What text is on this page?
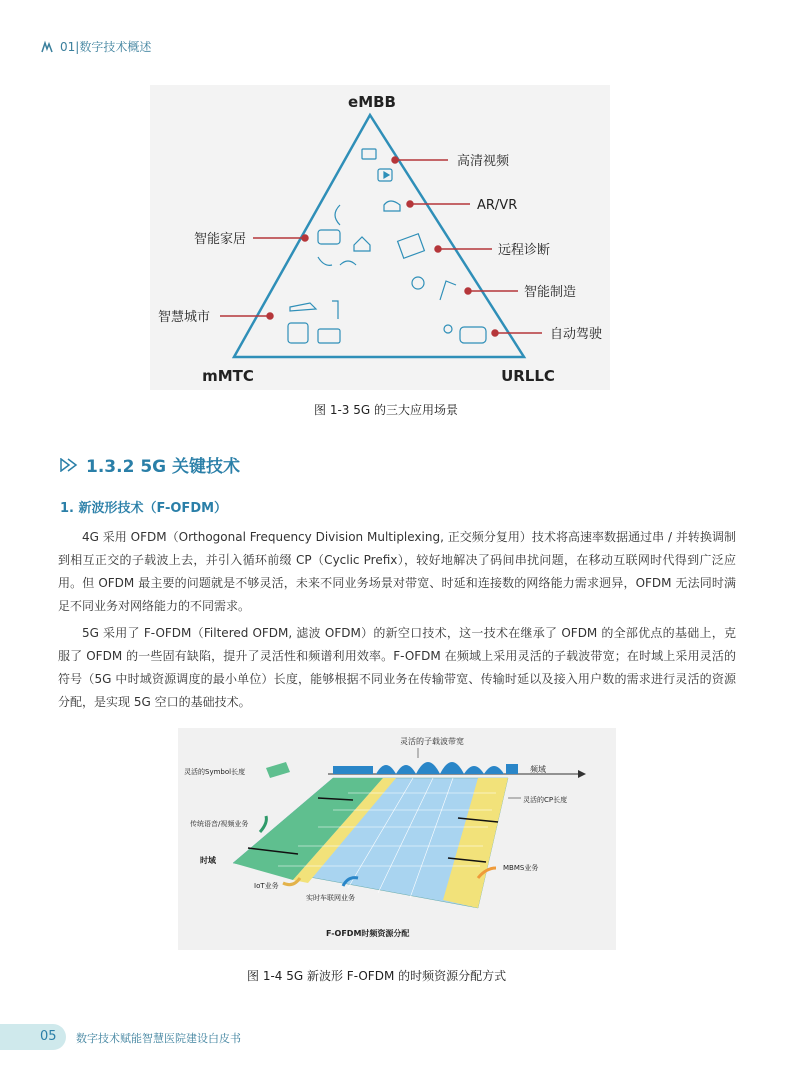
01|数字技术概述
eMBB
mMTC	URLLC
高清视频
AR/VR
远程诊断
智能制造
自动驾驶
智能家居
智慧城市
图 1-3 5G 的三大应用场景
1.3.2 5G 关键技术
1. 新波形技术（F-OFDM）
4G 采用 OFDM（Orthogonal Frequency Division Multiplexing, 正交频分复用）技术将高速率数据通过串 / 并转换调制到相互正交的子载波上去，并引入循环前缀 CP（Cyclic Prefix），较好地解决了码间串扰问题，在移动互联网时代得到广泛应用。但 OFDM 最主要的问题就是不够灵活，未来不同业务场景对带宽、时延和连接数的网络能力需求迥异，OFDM 无法同时满足不同业务对网络能力的不同需求。
5G 采用了 F-OFDM（Filtered OFDM, 滤波 OFDM）的新空口技术，这一技术在继承了 OFDM 的全部优点的基础上，克服了 OFDM 的一些固有缺陷，提升了灵活性和频谱利用效率。F-OFDM 在频域上采用灵活的子载波带宽；在时域上采用灵活的符号（5G 中时域资源调度的最小单位）长度，能够根据不同业务在传输带宽、传输时延以及接入用户数的需求进行灵活的资源分配，是实现 5G 空口的基础技术。
频域
灵活的子载波带宽
灵活的Symbol长度
灵活的CP长度
传统语音/视频业务
时域
IoT业务
实时车联网业务
MBMS业务
F-OFDM时频资源分配
图 1-4 5G 新波形 F-OFDM 的时频资源分配方式
05 数字技术赋能智慧医院建设白皮书
